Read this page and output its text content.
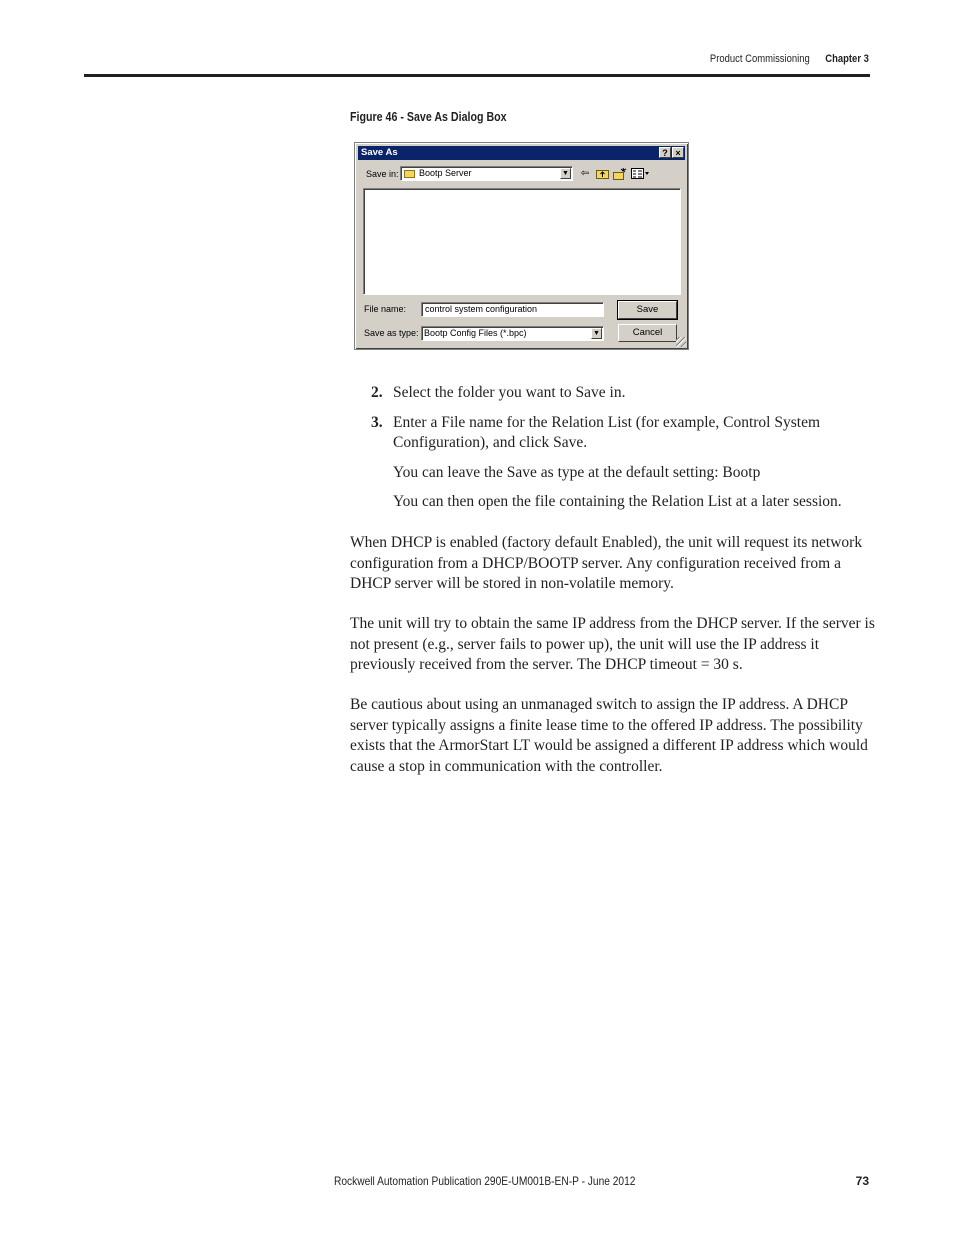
Product Commissioning Chapter 3
Figure 46 - Save As Dialog Box
Save As	? ×
Save in: Bootp Server	▼ ⇦
File name: control system configuration
Save as type: Bootp Config Files (*.bpc)	▼
Save
Cancel
2. Select the folder you want to Save in.
3. Enter a File name for the Relation List (for example, Control System Configuration), and click Save.
You can leave the Save as type at the default setting: Bootp
You can then open the file containing the Relation List at a later session.
When DHCP is enabled (factory default Enabled), the unit will request its network configuration from a DHCP/BOOTP server. Any configuration received from a DHCP server will be stored in non-volatile memory.
The unit will try to obtain the same IP address from the DHCP server. If the server is not present (e.g., server fails to power up), the unit will use the IP address it previously received from the server. The DHCP timeout = 30 s.
Be cautious about using an unmanaged switch to assign the IP address. A DHCP server typically assigns a finite lease time to the offered IP address. The possibility exists that the ArmorStart LT would be assigned a different IP address which would cause a stop in communication with the controller.
Rockwell Automation Publication 290E-UM001B-EN-P - June 2012	73
